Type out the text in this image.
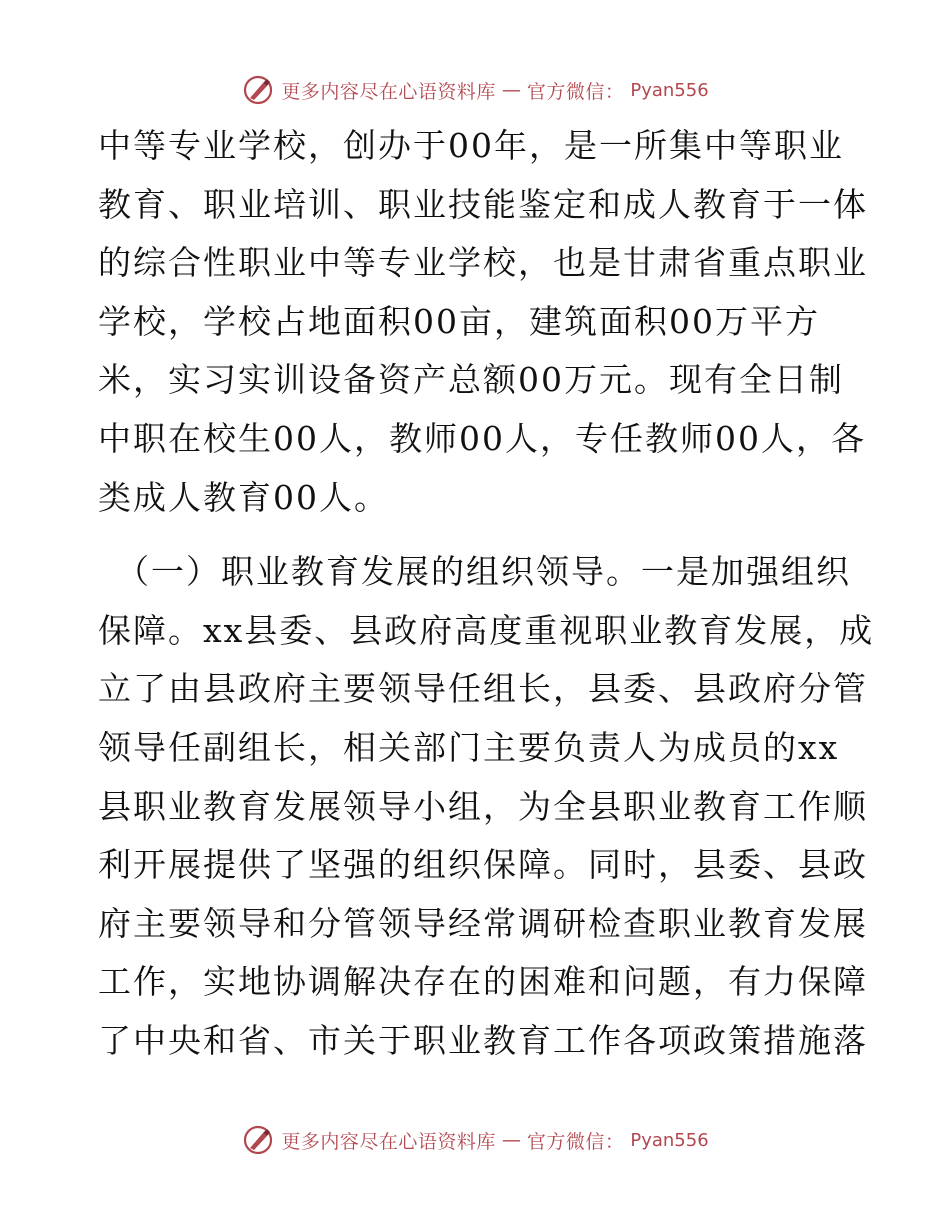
更多内容尽在心语资料库 — 官方微信： Pyan556
中等专业学校，创办于00年，是一所集中等职业
教育、职业培训、职业技能鉴定和成人教育于一体
的综合性职业中等专业学校，也是甘肃省重点职业
学校，学校占地面积00亩，建筑面积00万平方
米，实习实训设备资产总额00万元。现有全日制
中职在校生00人，教师00人，专任教师00人，各
类成人教育00人。
（一）职业教育发展的组织领导。一是加强组织
保障。xx县委、县政府高度重视职业教育发展，成
立了由县政府主要领导任组长，县委、县政府分管
领导任副组长，相关部门主要负责人为成员的xx
县职业教育发展领导小组，为全县职业教育工作顺
利开展提供了坚强的组织保障。同时，县委、县政
府主要领导和分管领导经常调研检查职业教育发展
工作，实地协调解决存在的困难和问题，有力保障
了中央和省、市关于职业教育工作各项政策措施落
更多内容尽在心语资料库 — 官方微信： Pyan556
